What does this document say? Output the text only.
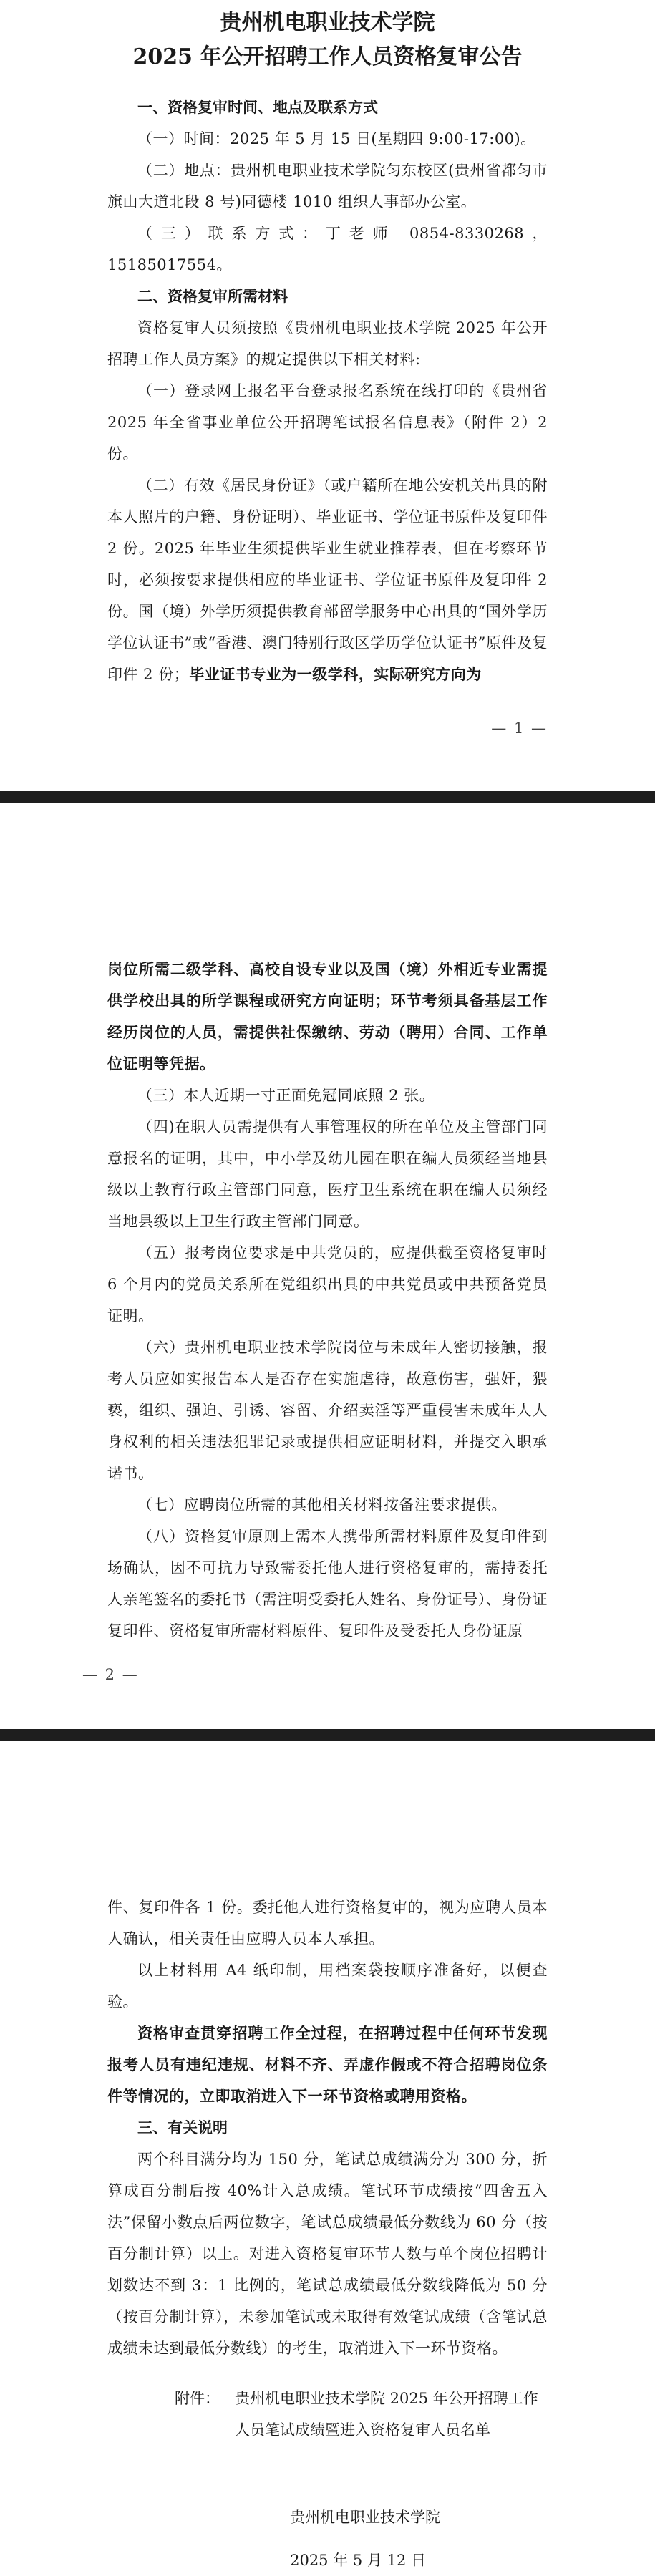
贵州机电职业技术学院

2025 年公开招聘工作人员资格复审公告

一、资格复审时间、地点及联系方式

（一）时间：2025 年 5 月 15 日(星期四 9:00-17:00)。

（二）地点：贵州机电职业技术学院匀东校区(贵州省都匀市旗山大道北段 8 号)同德楼 1010 组织人事部办公室。

（三）联系方式：丁老师 0854-8330268，15185017554。

二、资格复审所需材料

资格复审人员须按照《贵州机电职业技术学院 2025 年公开招聘工作人员方案》的规定提供以下相关材料:

（一）登录网上报名平台登录报名系统在线打印的《贵州省 2025 年全省事业单位公开招聘笔试报名信息表》（附件 2）2 份。

（二）有效《居民身份证》（或户籍所在地公安机关出具的附本人照片的户籍、身份证明）、毕业证书、学位证书原件及复印件 2 份。2025 年毕业生须提供毕业生就业推荐表，但在考察环节时，必须按要求提供相应的毕业证书、学位证书原件及复印件 2 份。国（境）外学历须提供教育部留学服务中心出具的“国外学历学位认证书”或“香港、澳门特别行政区学历学位认证书”原件及复印件 2 份；毕业证书专业为一级学科，实际研究方向为

— 1 —

岗位所需二级学科、高校自设专业以及国（境）外相近专业需提供学校出具的所学课程或研究方向证明；环节考须具备基层工作经历岗位的人员，需提供社保缴纳、劳动（聘用）合同、工作单位证明等凭据。

（三）本人近期一寸正面免冠同底照 2 张。

（四)在职人员需提供有人事管理权的所在单位及主管部门同意报名的证明，其中，中小学及幼儿园在职在编人员须经当地县级以上教育行政主管部门同意，医疗卫生系统在职在编人员须经当地县级以上卫生行政主管部门同意。

（五）报考岗位要求是中共党员的，应提供截至资格复审时 6 个月内的党员关系所在党组织出具的中共党员或中共预备党员证明。

（六）贵州机电职业技术学院岗位与未成年人密切接触，报考人员应如实报告本人是否存在实施虐待，故意伤害，强奸，猥亵，组织、强迫、引诱、容留、介绍卖淫等严重侵害未成年人人身权利的相关违法犯罪记录或提供相应证明材料，并提交入职承诺书。

（七）应聘岗位所需的其他相关材料按备注要求提供。

（八）资格复审原则上需本人携带所需材料原件及复印件到场确认，因不可抗力导致需委托他人进行资格复审的，需持委托人亲笔签名的委托书（需注明受委托人姓名、身份证号）、身份证复印件、资格复审所需材料原件、复印件及受委托人身份证原

— 2 —

件、复印件各 1 份。委托他人进行资格复审的，视为应聘人员本人确认，相关责任由应聘人员本人承担。

以上材料用 A4 纸印制，用档案袋按顺序准备好，以便查验。

资格审查贯穿招聘工作全过程，在招聘过程中任何环节发现报考人员有违纪违规、材料不齐、弄虚作假或不符合招聘岗位条件等情况的，立即取消进入下一环节资格或聘用资格。

三、有关说明

两个科目满分均为 150 分，笔试总成绩满分为 300 分，折算成百分制后按 40%计入总成绩。笔试环节成绩按“四舍五入法”保留小数点后两位数字，笔试总成绩最低分数线为 60 分（按百分制计算）以上。对进入资格复审环节人数与单个岗位招聘计划数达不到 3：1 比例的，笔试总成绩最低分数线降低为 50 分（按百分制计算），未参加笔试或未取得有效笔试成绩（含笔试总成绩未达到最低分数线）的考生，取消进入下一环节资格。

附件：	贵州机电职业技术学院 2025 年公开招聘工作人员笔试成绩暨进入资格复审人员名单

贵州机电职业技术学院

2025 年 5 月 12 日
